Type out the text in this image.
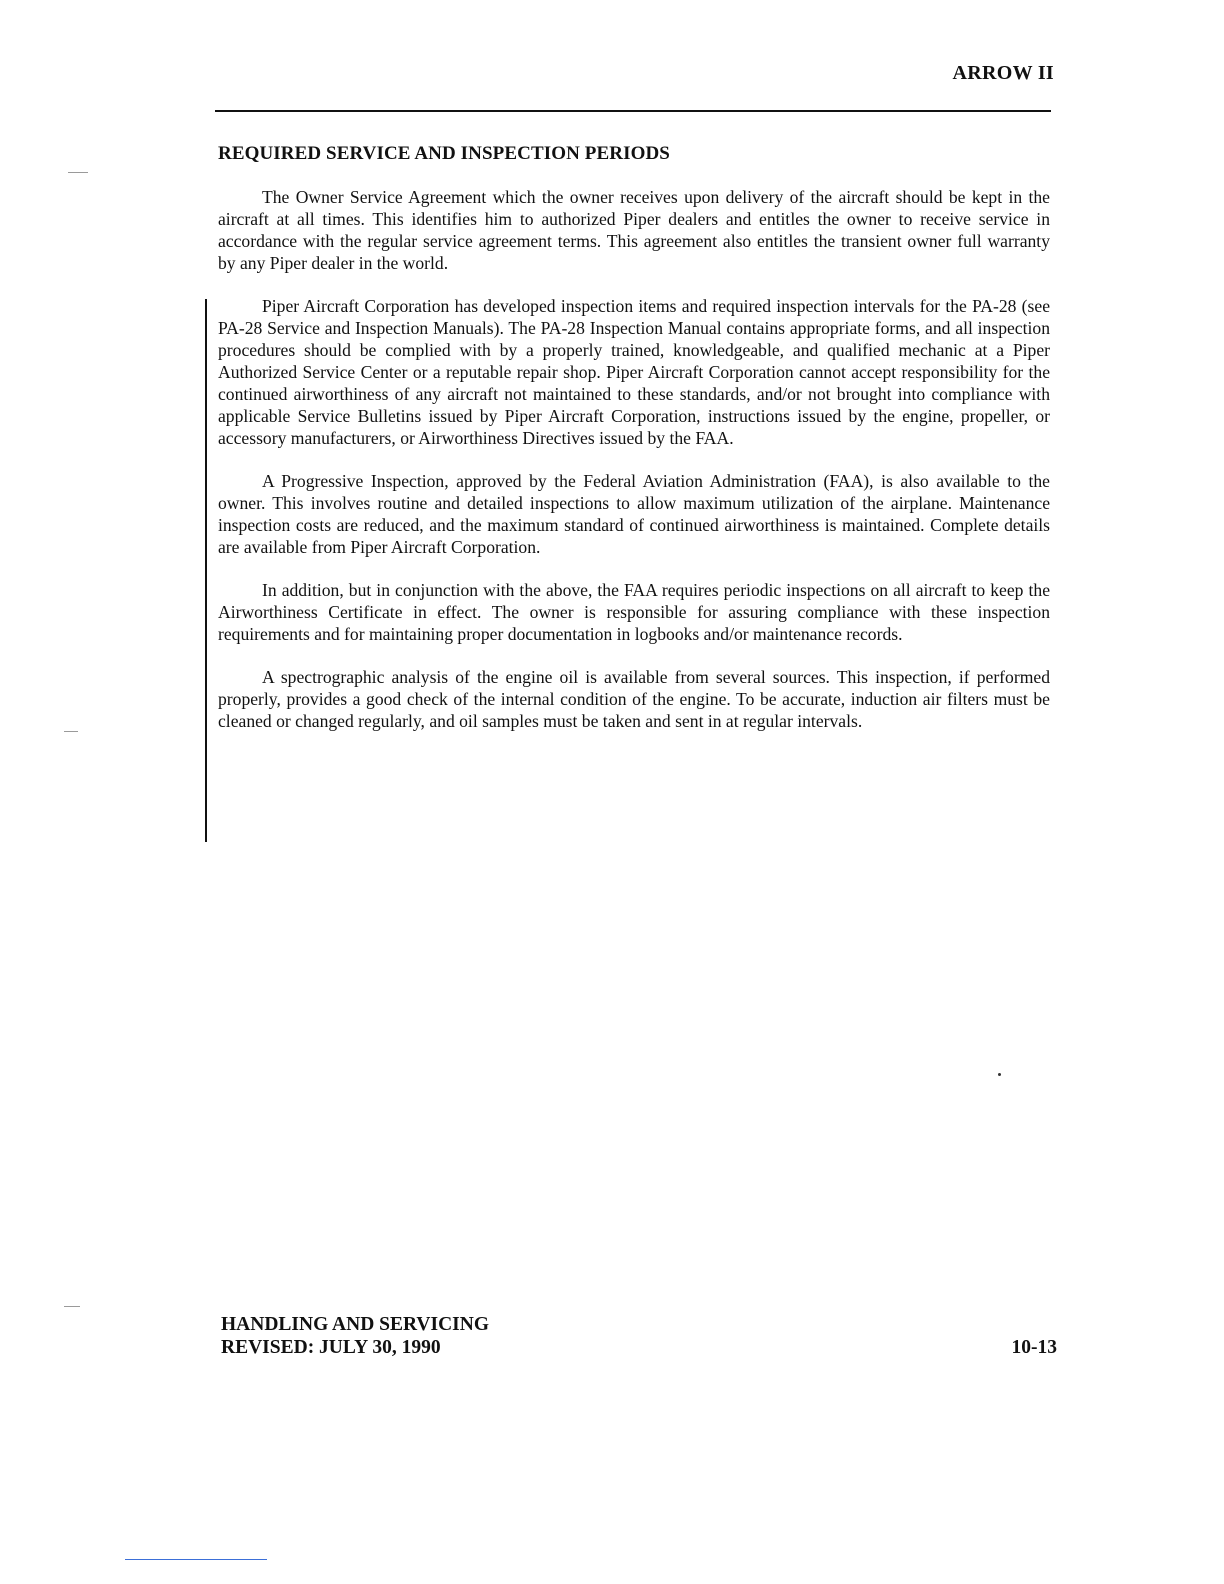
ARROW II
REQUIRED SERVICE AND INSPECTION PERIODS

The Owner Service Agreement which the owner receives upon delivery of the aircraft should be kept in the aircraft at all times. This identifies him to authorized Piper dealers and entitles the owner to receive service in accordance with the regular service agreement terms. This agreement also entitles the transient owner full warranty by any Piper dealer in the world.

Piper Aircraft Corporation has developed inspection items and required inspection intervals for the PA-28 (see PA-28 Service and Inspection Manuals). The PA-28 Inspection Manual contains appropriate forms, and all inspection procedures should be complied with by a properly trained, knowledgeable, and qualified mechanic at a Piper Authorized Service Center or a reputable repair shop. Piper Aircraft Corporation cannot accept responsibility for the continued airworthiness of any aircraft not maintained to these standards, and/or not brought into compliance with applicable Service Bulletins issued by Piper Aircraft Corporation, instructions issued by the engine, propeller, or accessory manufacturers, or Airworthiness Directives issued by the FAA.

A Progressive Inspection, approved by the Federal Aviation Administration (FAA), is also available to the owner. This involves routine and detailed inspections to allow maximum utilization of the airplane. Maintenance inspection costs are reduced, and the maximum standard of continued airworthiness is maintained. Complete details are available from Piper Aircraft Corporation.

In addition, but in conjunction with the above, the FAA requires periodic inspections on all aircraft to keep the Airworthiness Certificate in effect. The owner is responsible for assuring compliance with these inspection requirements and for maintaining proper documentation in logbooks and/or maintenance records.

A spectrographic analysis of the engine oil is available from several sources. This inspection, if performed properly, provides a good check of the internal condition of the engine. To be accurate, induction air filters must be cleaned or changed regularly, and oil samples must be taken and sent in at regular intervals.

HANDLING AND SERVICING
REVISED: JULY 30, 1990	10-13
